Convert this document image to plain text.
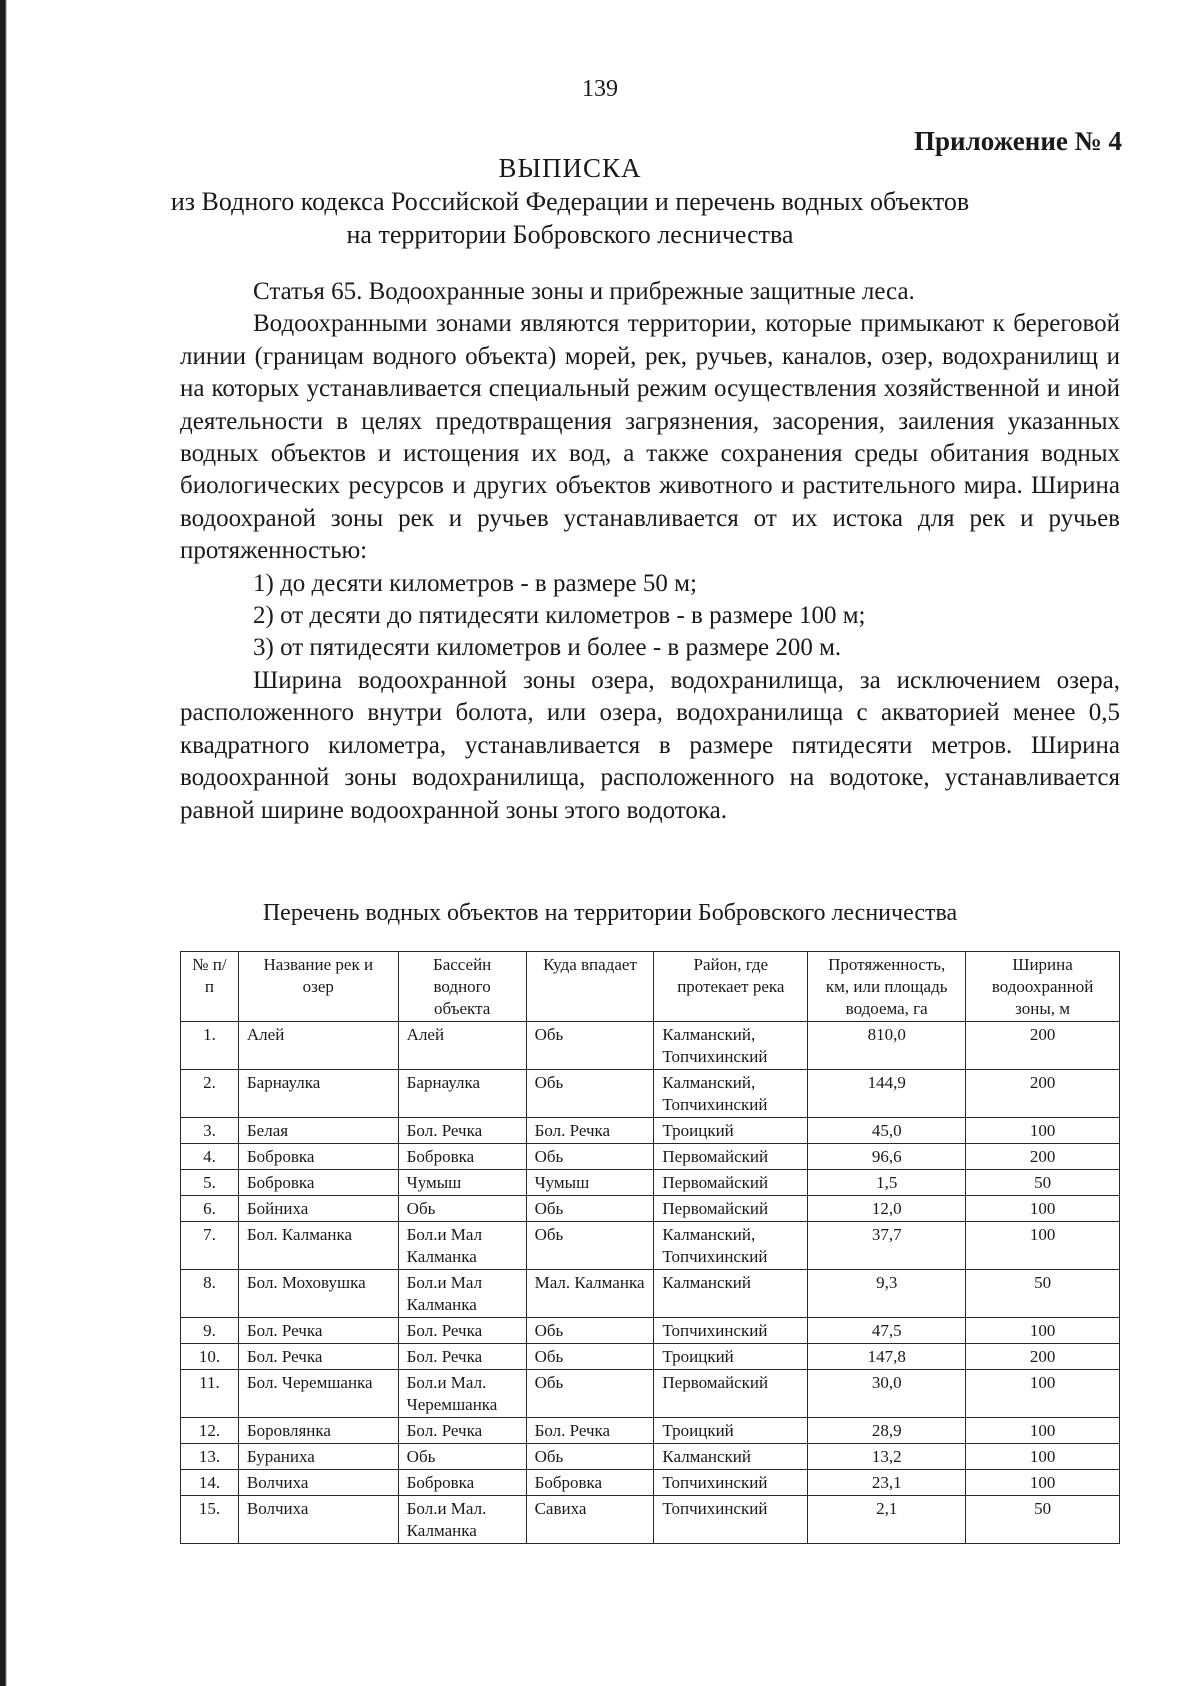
139
Приложение № 4
ВЫПИСКА
из Водного кодекса Российской Федерации и перечень водных объектов
на территории Бобровского лесничества

Статья 65. Водоохранные зоны и прибрежные защитные леса.

Водоохранными зонами являются территории, которые примыкают к береговой линии (границам водного объекта) морей, рек, ручьев, каналов, озер, водохранилищ и на которых устанавливается специальный режим осуществления хозяйственной и иной деятельности в целях предотвращения загрязнения, засорения, заиления указанных водных объектов и истощения их вод, а также сохранения среды обитания водных биологических ресурсов и других объектов животного и растительного мира. Ширина водоохраной зоны рек и ручьев устанавливается от их истока для рек и ручьев протяженностью:

1) до десяти километров - в размере 50 м;

2) от десяти до пятидесяти километров - в размере 100 м;

3) от пятидесяти километров и более - в размере 200 м.

Ширина водоохранной зоны озера, водохранилища, за исключением озера, расположенного внутри болота, или озера, водохранилища с акваторией менее 0,5 квадратного километра, устанавливается в размере пятидесяти метров. Ширина водоохранной зоны водохранилища, расположенного на водотоке, устанавливается равной ширине водоохранной зоны этого водотока.

Перечень водных объектов на территории Бобровского лесничества
№ п/п	Название рек и озер	Бассейн водного объекта	Куда впадает	Район, где протекает река	Протяженность, км, или площадь водоема, га	Ширина водоохранной зоны, м
1.	Алей	Алей	Обь	Калманский, Топчихинский	810,0	200
2.	Барнаулка	Барнаулка	Обь	Калманский, Топчихинский	144,9	200
3.	Белая	Бол. Речка	Бол. Речка	Троицкий	45,0	100
4.	Бобровка	Бобровка	Обь	Первомайский	96,6	200
5.	Бобровка	Чумыш	Чумыш	Первомайский	1,5	50
6.	Бойниха	Обь	Обь	Первомайский	12,0	100
7.	Бол. Калманка	Бол.и Мал Калманка	Обь	Калманский, Топчихинский	37,7	100
8.	Бол. Моховушка	Бол.и Мал Калманка	Мал. Калманка	Калманский	9,3	50
9.	Бол. Речка	Бол. Речка	Обь	Топчихинский	47,5	100
10.	Бол. Речка	Бол. Речка	Обь	Троицкий	147,8	200
11.	Бол. Черемшанка	Бол.и Мал. Черемшанка	Обь	Первомайский	30,0	100
12.	Боровлянка	Бол. Речка	Бол. Речка	Троицкий	28,9	100
13.	Бураниха	Обь	Обь	Калманский	13,2	100
14.	Волчиха	Бобровка	Бобровка	Топчихинский	23,1	100
15.	Волчиха	Бол.и Мал. Калманка	Савиха	Топчихинский	2,1	50
